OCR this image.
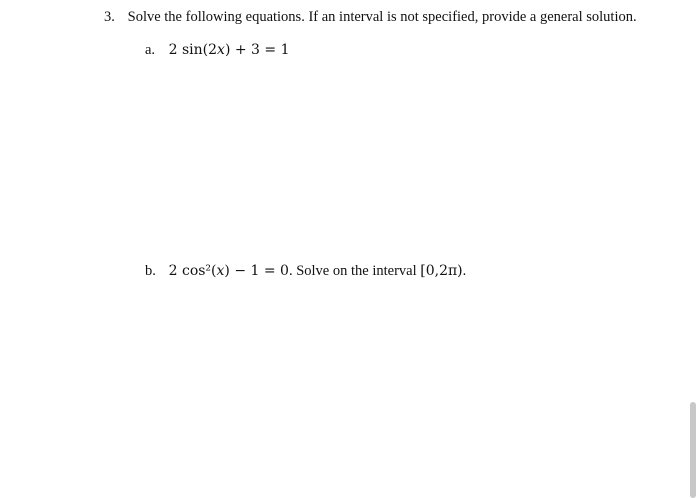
3. Solve the following equations. If an interval is not specified, provide a general solution.
a. 2 sin(2x) + 3 = 1
b. 2 cos²(x) − 1 = 0. Solve on the interval [0,2π).
